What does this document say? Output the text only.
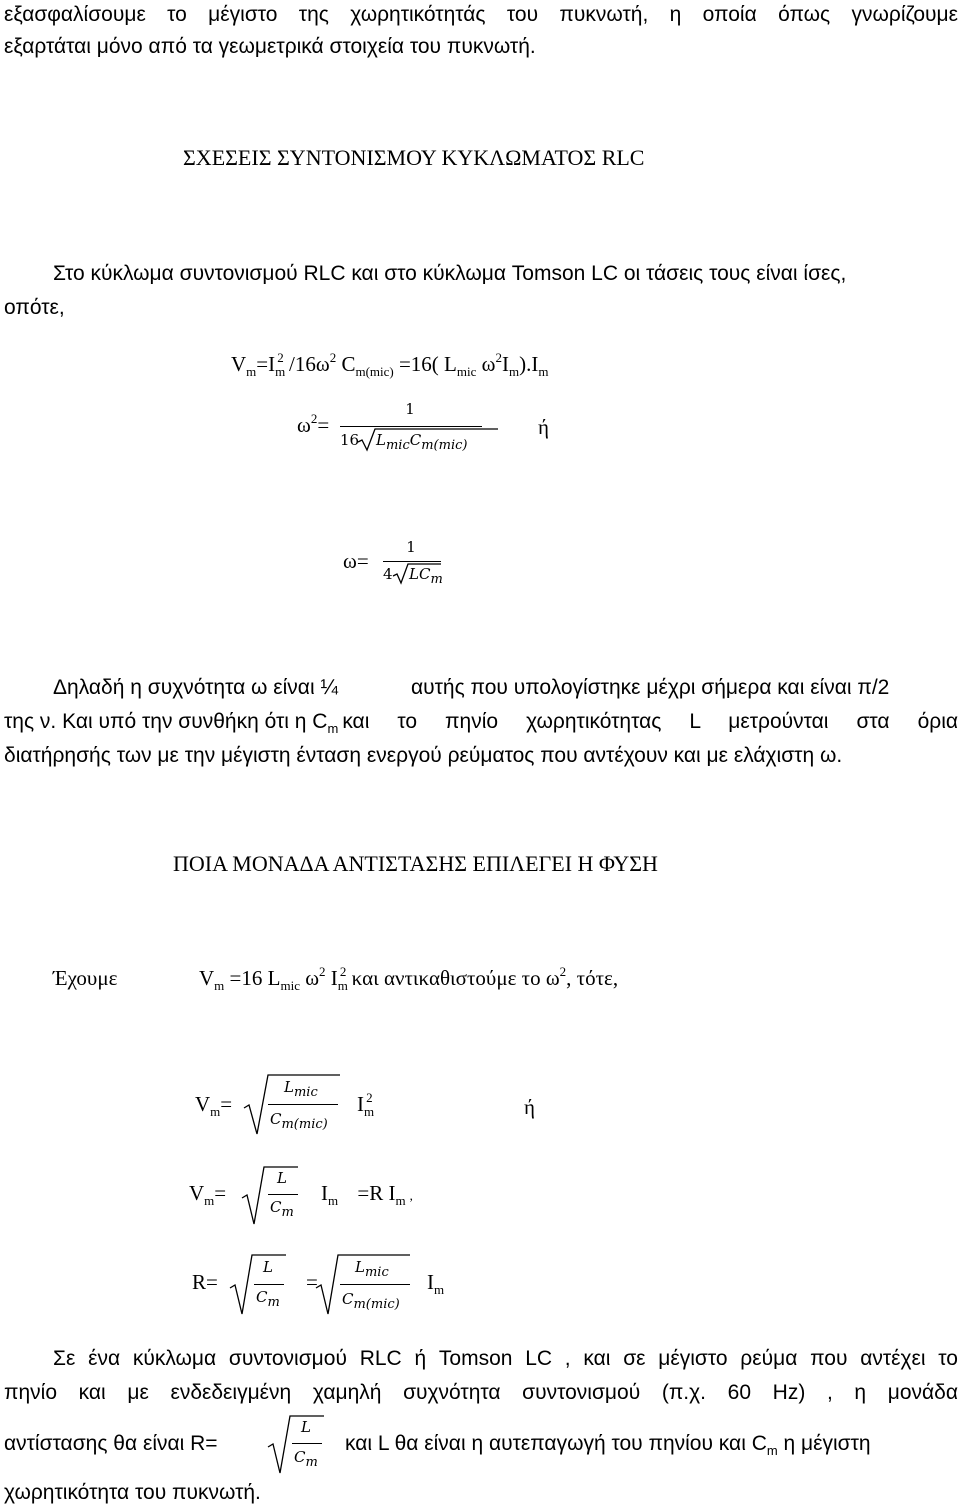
εξασφαλίσουμε το μέγιστο της χωρητικότητάς του πυκνωτή, η οποία όπως γνωρίζουμε
εξαρτάται μόνο από τα γεωμετρικά στοιχεία του πυκνωτή.
ΣΧΕΣΕΙΣ ΣΥΝΤΟΝΙΣΜΟΥ ΚΥΚΛΩΜΑΤΟΣ RLC
Στο κύκλωμα συντονισμού RLC και στο κύκλωμα Tomson LC οι τάσεις τους είναι ίσες,
οπότε,
$V_m=I_m^2$ $/16\omega^2$ $C_{m(mic)} =16$( $L_{mic}$ $\omega^2I_m).I_m$
$\omega^2=$
1
16 LmicCm(mic)
ή
ω=
1
4 LCm
Δηλαδή η συχνότητα ω είναι ¼	αυτής που υπολογίστηκε μέχρι σήμερα και είναι π/2
της ν. Και υπό την συνθήκη ότι η $C_m$ και το πηνίο χωρητικότητας L μετρούνται στα όρια
διατήρησής των με την μέγιστη ένταση ενεργού ρεύματος που αντέχουν και με ελάχιστη ω.
ΠΟΙΑ ΜΟΝΑΔΑ ΑΝΤΙΣΤΑΣΗΣ ΕΠΙΛΕΓΕΙ Η ΦΥΣΗ
Έχουμε	$V_m =16$ $L_{mic}$ $\omega^2$ $I_m^2$ και αντικαθιστούμε το $\omega^2$, τότε,
$V_m=$
Lmic
Cm(mic)
$I_m^2$	ή
$V_m=$
L
Cm
$I_m =R$ $I_m$ ,
R=
L
Cm
=
Lmic
Cm(mic)
$I_m$
Σε ένα κύκλωμα συντονισμού RLC ή Tomson LC , και σε μέγιστο ρεύμα που αντέχει το
πηνίο και με ενδεδειγμένη χαμηλή συχνότητα συντονισμού (π.χ. 60 Hz) , η μονάδα
αντίστασης θα είναι R=
L
Cm
και L θα είναι η αυτεπαγωγή του πηνίου και $C_m$ η μέγιστη
χωρητικότητα του πυκνωτή.
